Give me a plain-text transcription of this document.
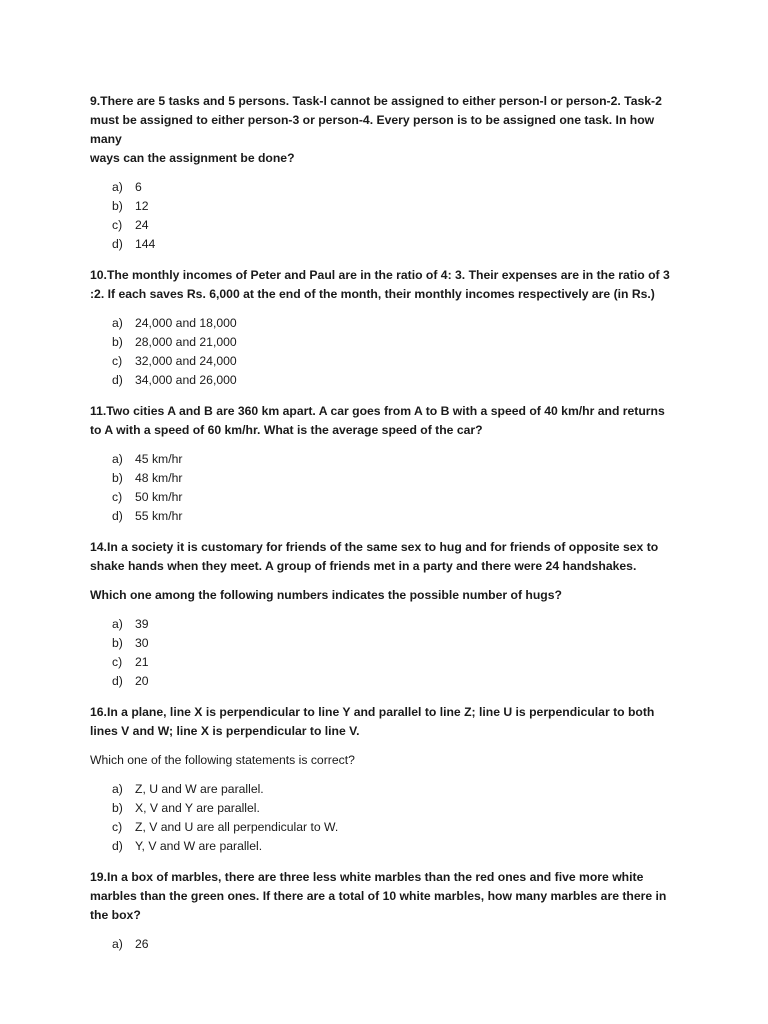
9.There are 5 tasks and 5 persons. Task-l cannot be assigned to either person-l or person-2. Task-2
must be assigned to either person-3 or person-4. Every person is to be assigned one task. In how many
ways can the assignment be done?

a) 6
b) 12
c)	24
d) 144

10.The monthly incomes of Peter and Paul are in the ratio of 4: 3. Their expenses are in the ratio of 3
:2. If each saves Rs. 6,000 at the end of the month, their monthly incomes respectively are (in Rs.)

a) 24,000 and 18,000
b) 28,000 and 21,000
c)	32,000 and 24,000
d) 34,000 and 26,000

11.Two cities A and B are 360 km apart. A car goes from A to B with a speed of 40 km/hr and returns
to A with a speed of 60 km/hr. What is the average speed of the car?

a) 45 km/hr
b) 48 km/hr
c)	50 km/hr
d) 55 km/hr

14.In a society it is customary for friends of the same sex to hug and for friends of opposite sex to
shake hands when they meet. A group of friends met in a party and there were 24 handshakes.

Which one among the following numbers indicates the possible number of hugs?

a) 39
b) 30
c)	21
d) 20

16.In a plane, line X is perpendicular to line Y and parallel to line Z; line U is perpendicular to both
lines V and W; line X is perpendicular to line V.

Which one of the following statements is correct?

a) Z, U and W are parallel.
b) X, V and Y are parallel.
c)	Z, V and U are all perpendicular to W.
d) Y, V and W are parallel.

19.In a box of marbles, there are three less white marbles than the red ones and five more white
marbles than the green ones. If there are a total of 10 white marbles, how many marbles are there in
the box?

a) 26
